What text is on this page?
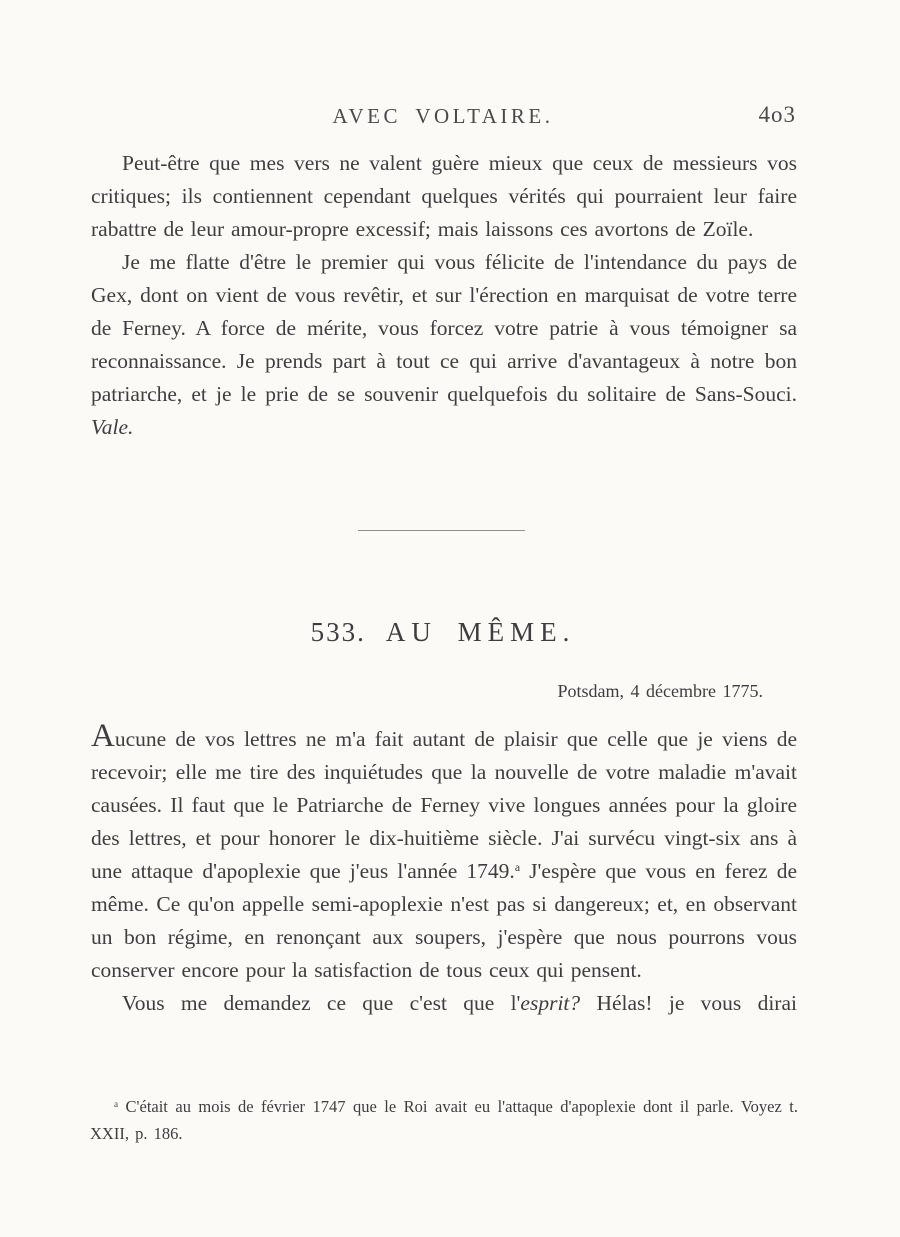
AVEC VOLTAIRE.	4o3

Peut-être que mes vers ne valent guère mieux que ceux de messieurs vos critiques; ils contiennent cependant quelques vérités qui pourraient leur faire rabattre de leur amour-propre excessif; mais laissons ces avortons de Zoïle.

Je me flatte d'être le premier qui vous félicite de l'intendance du pays de Gex, dont on vient de vous revêtir, et sur l'érection en marquisat de votre terre de Ferney. A force de mérite, vous forcez votre patrie à vous témoigner sa reconnaissance. Je prends part à tout ce qui arrive d'avantageux à notre bon patriarche, et je le prie de se souvenir quelquefois du solitaire de Sans-Souci. Vale.

533. AU MÊME.
Potsdam, 4 décembre 1775.

Aucune de vos lettres ne m'a fait autant de plaisir que celle que je viens de recevoir; elle me tire des inquiétudes que la nouvelle de votre maladie m'avait causées. Il faut que le Patriarche de Ferney vive longues années pour la gloire des lettres, et pour honorer le dix-huitième siècle. J'ai survécu vingt-six ans à une attaque d'apoplexie que j'eus l'année 1749.$^a$ J'espère que vous en ferez de même. Ce qu'on appelle semi-apoplexie n'est pas si dangereux; et, en observant un bon régime, en renonçant aux soupers, j'espère que nous pourrons vous conserver encore pour la satisfaction de tous ceux qui pensent.

Vous me demandez ce que c'est que l'esprit? Hélas! je vous dirai

$^a$ C'était au mois de février 1747 que le Roi avait eu l'attaque d'apoplexie dont il parle. Voyez t. XXII, p. 186.
